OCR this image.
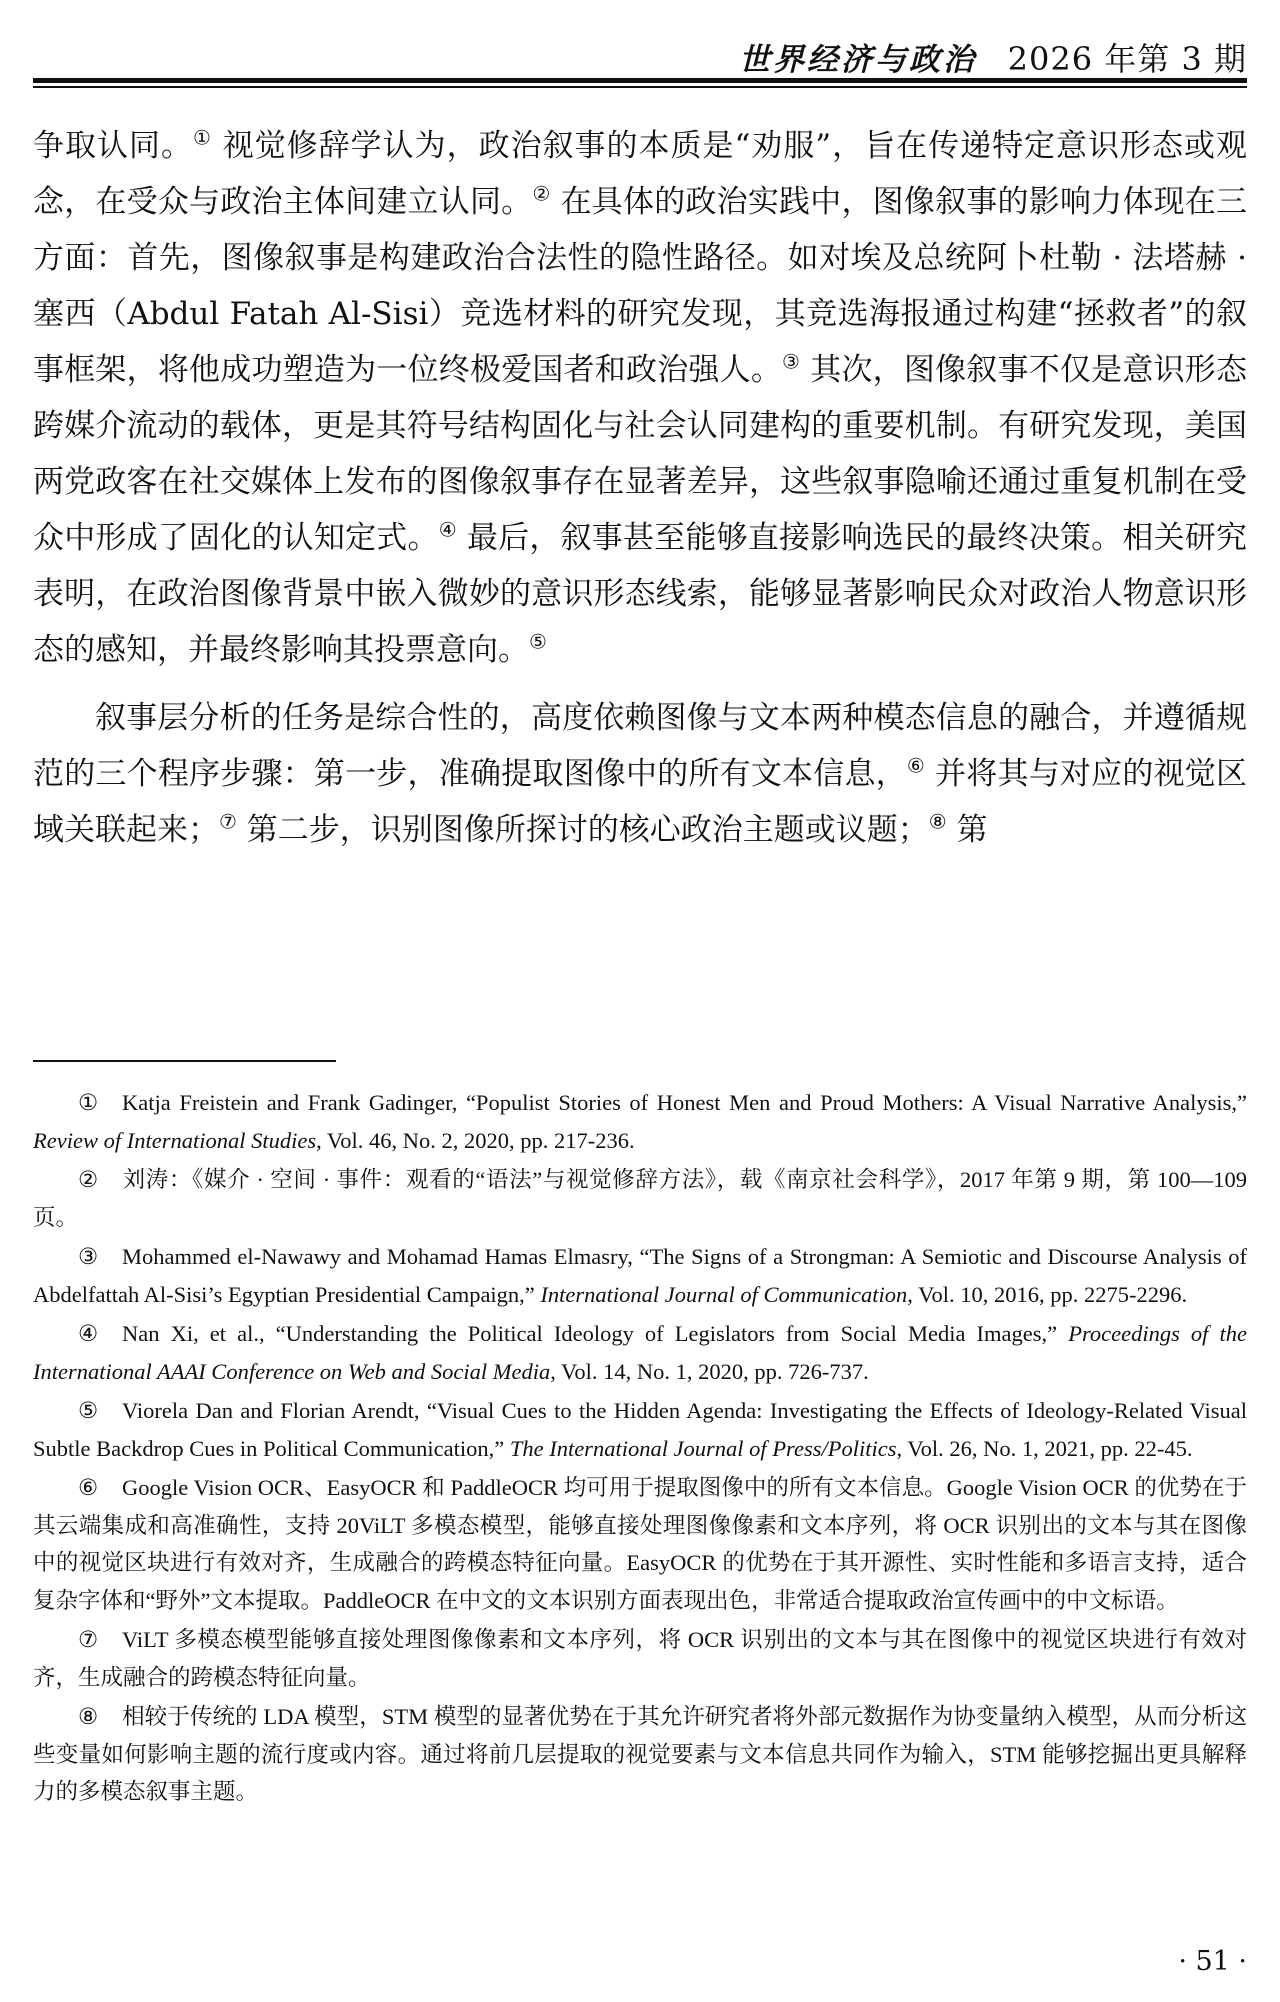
世界经济与政治 2026 年第 3 期

争取认同。① 视觉修辞学认为，政治叙事的本质是“劝服”，旨在传递特定意识形态或观念，在受众与政治主体间建立认同。② 在具体的政治实践中，图像叙事的影响力体现在三方面：首先，图像叙事是构建政治合法性的隐性路径。如对埃及总统阿卜杜勒 · 法塔赫 · 塞西（Abdul Fatah Al-Sisi）竞选材料的研究发现，其竞选海报通过构建“拯救者”的叙事框架，将他成功塑造为一位终极爱国者和政治强人。③ 其次，图像叙事不仅是意识形态跨媒介流动的载体，更是其符号结构固化与社会认同建构的重要机制。有研究发现，美国两党政客在社交媒体上发布的图像叙事存在显著差异，这些叙事隐喻还通过重复机制在受众中形成了固化的认知定式。④ 最后，叙事甚至能够直接影响选民的最终决策。相关研究表明，在政治图像背景中嵌入微妙的意识形态线索，能够显著影响民众对政治人物意识形态的感知，并最终影响其投票意向。⑤

叙事层分析的任务是综合性的，高度依赖图像与文本两种模态信息的融合，并遵循规范的三个程序步骤：第一步，准确提取图像中的所有文本信息，⑥ 并将其与对应的视觉区域关联起来；⑦ 第二步，识别图像所探讨的核心政治主题或议题；⑧ 第

① Katja Freistein and Frank Gadinger, “Populist Stories of Honest Men and Proud Mothers: A Visual Narrative Analysis,” Review of International Studies, Vol. 46, No. 2, 2020, pp. 217-236.

② 刘涛：《媒介 · 空间 · 事件：观看的“语法”与视觉修辞方法》，载《南京社会科学》，2017 年第 9 期，第 100—109 页。

③ Mohammed el-Nawawy and Mohamad Hamas Elmasry, “The Signs of a Strongman: A Semiotic and Discourse Analysis of Abdelfattah Al-Sisi’s Egyptian Presidential Campaign,” International Journal of Communication, Vol. 10, 2016, pp. 2275-2296.

④ Nan Xi, et al., “Understanding the Political Ideology of Legislators from Social Media Images,” Proceedings of the International AAAI Conference on Web and Social Media, Vol. 14, No. 1, 2020, pp. 726-737.

⑤ Viorela Dan and Florian Arendt, “Visual Cues to the Hidden Agenda: Investigating the Effects of Ideology-Related Visual Subtle Backdrop Cues in Political Communication,” The International Journal of Press/Politics, Vol. 26, No. 1, 2021, pp. 22-45.

⑥ Google Vision OCR、EasyOCR 和 PaddleOCR 均可用于提取图像中的所有文本信息。Google Vision OCR 的优势在于其云端集成和高准确性，支持 20ViLT 多模态模型，能够直接处理图像像素和文本序列，将 OCR 识别出的文本与其在图像中的视觉区块进行有效对齐，生成融合的跨模态特征向量。EasyOCR 的优势在于其开源性、实时性能和多语言支持，适合复杂字体和“野外”文本提取。PaddleOCR 在中文的文本识别方面表现出色，非常适合提取政治宣传画中的中文标语。

⑦ ViLT 多模态模型能够直接处理图像像素和文本序列，将 OCR 识别出的文本与其在图像中的视觉区块进行有效对齐，生成融合的跨模态特征向量。

⑧ 相较于传统的 LDA 模型，STM 模型的显著优势在于其允许研究者将外部元数据作为协变量纳入模型，从而分析这些变量如何影响主题的流行度或内容。通过将前几层提取的视觉要素与文本信息共同作为输入，STM 能够挖掘出更具解释力的多模态叙事主题。

· 51 ·
